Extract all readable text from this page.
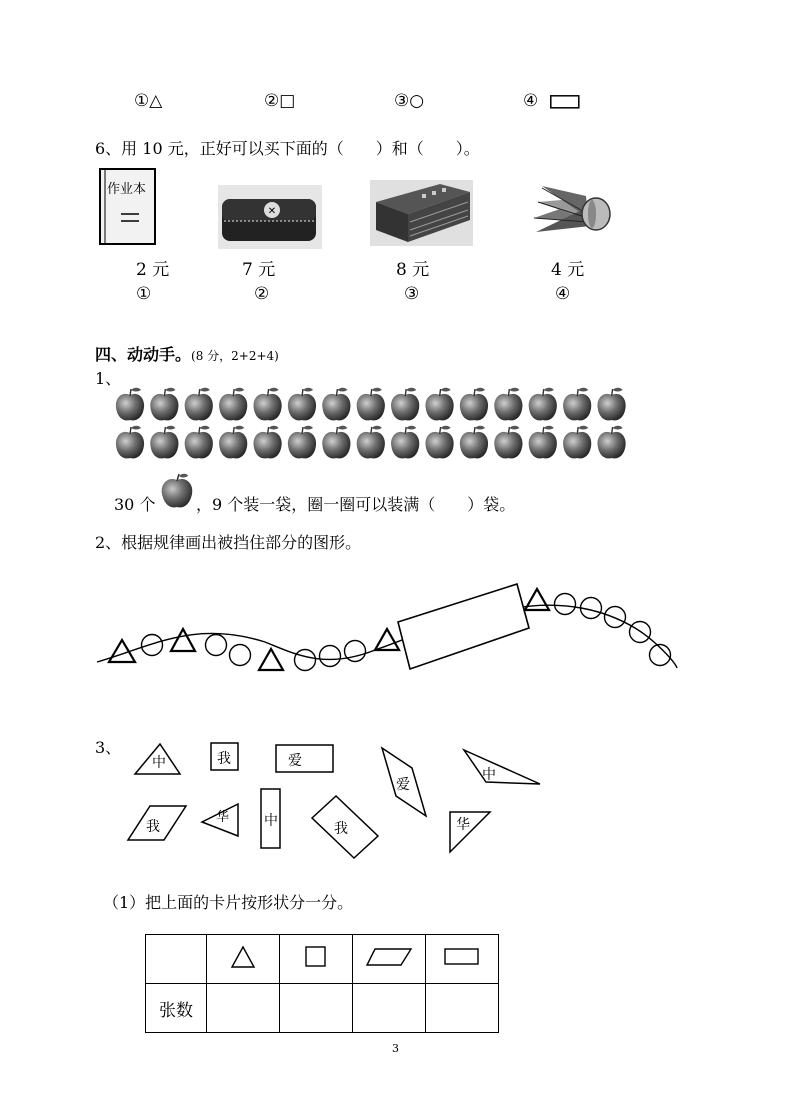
①△	②□	③○	④
6、用 10 元，正好可以买下面的（　　）和（　　）。
作业本
✕
2 元	7 元	8 元	4 元
①	②	③	④
四、动动手。(8 分，2+2+4)
1、
30 个	，9 个装一袋，圈一圈可以装满（　　）袋。
2、根据规律画出被挡住部分的图形。
3、
中	我	爱
爱
中
我
华 中	我	华
（1）把上面的卡片按形状分一分。

张数				
3
